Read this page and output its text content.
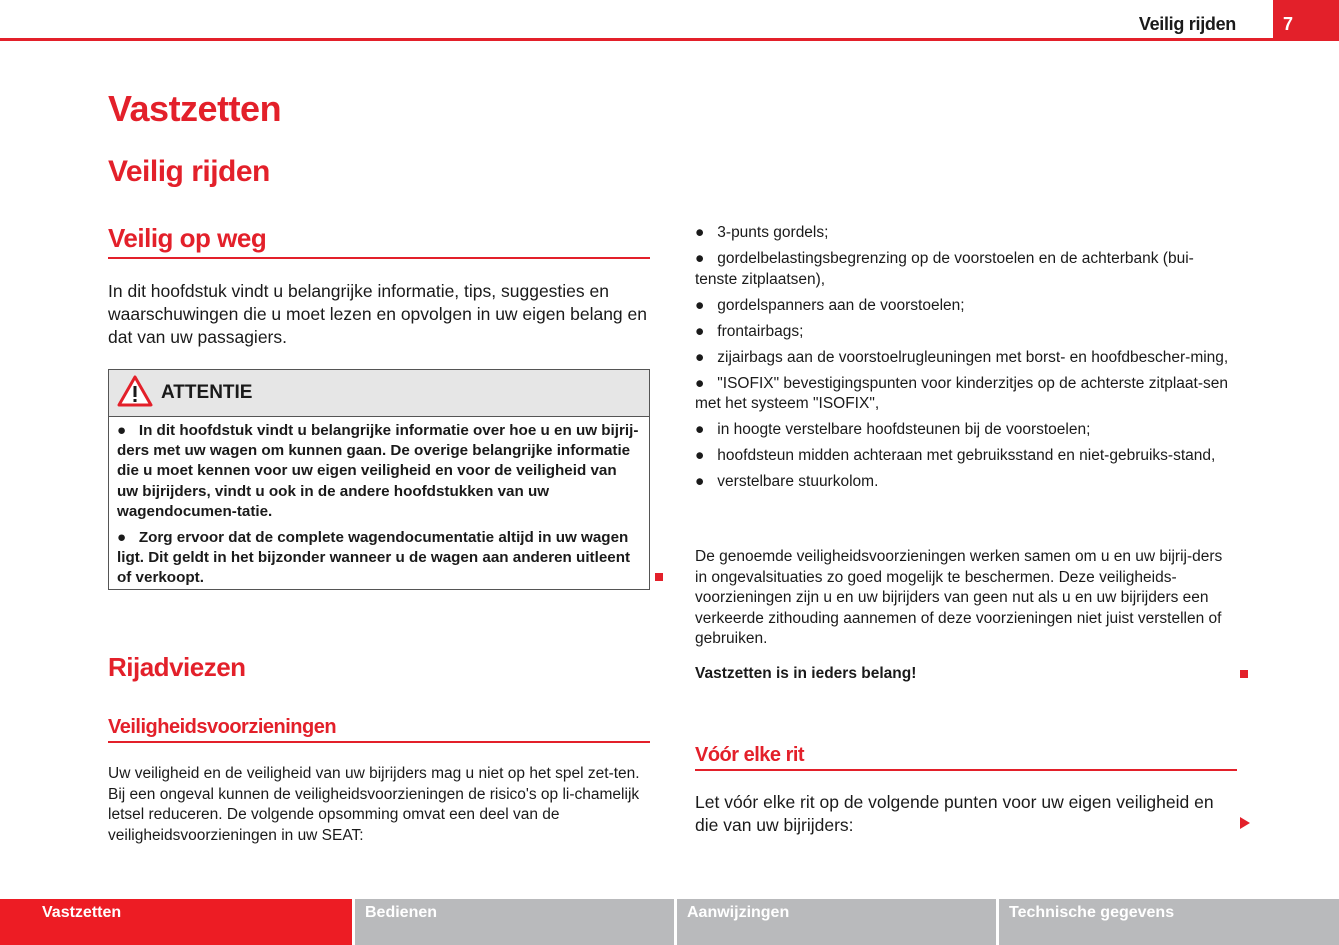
Veilig rijden	7
Vastzetten
Veilig rijden
Veilig op weg
In dit hoofdstuk vindt u belangrijke informatie, tips, suggesties en waarschuwingen die u moet lezen en opvolgen in uw eigen belang en dat van uw passagiers.
ATTENTIE

●   In dit hoofdstuk vindt u belangrijke informatie over hoe u en uw bijrij-ders met uw wagen om kunnen gaan. De overige belangrijke informatie die u moet kennen voor uw eigen veiligheid en voor de veiligheid van uw bijrijders, vindt u ook in de andere hoofdstukken van uw wagendocumen-tatie.

●   Zorg ervoor dat de complete wagendocumentatie altijd in uw wagen ligt. Dit geldt in het bijzonder wanneer u de wagen aan anderen uitleent of verkoopt.

Rijadviezen
Veiligheidsvoorzieningen
Uw veiligheid en de veiligheid van uw bijrijders mag u niet op het spel zet-ten. Bij een ongeval kunnen de veiligheidsvoorzieningen de risico's op li-chamelijk letsel reduceren. De volgende opsomming omvat een deel van de veiligheidsvoorzieningen in uw SEAT:
●   3-punts gordels;
●   gordelbelastingsbegrenzing op de voorstoelen en de achterbank (bui-tenste zitplaatsen),
●   gordelspanners aan de voorstoelen;
●   frontairbags;
●   zijairbags aan de voorstoelrugleuningen met borst- en hoofdbescher-ming,
●   "ISOFIX" bevestigingspunten voor kinderzitjes op de achterste zitplaat-sen met het systeem "ISOFIX",
●   in hoogte verstelbare hoofdsteunen bij de voorstoelen;
●   hoofdsteun midden achteraan met gebruiksstand en niet-gebruiks-stand,
●   verstelbare stuurkolom.
De genoemde veiligheidsvoorzieningen werken samen om u en uw bijrij-ders in ongevalsituaties zo goed mogelijk te beschermen. Deze veiligheids-voorzieningen zijn u en uw bijrijders van geen nut als u en uw bijrijders een verkeerde zithouding aannemen of deze voorzieningen niet juist verstellen of gebruiken.
Vastzetten is in ieders belang!
Vóór elke rit
Let vóór elke rit op de volgende punten voor uw eigen veiligheid en die van uw bijrijders:
Vastzetten	Bedienen	Aanwijzingen	Technische gegevens
